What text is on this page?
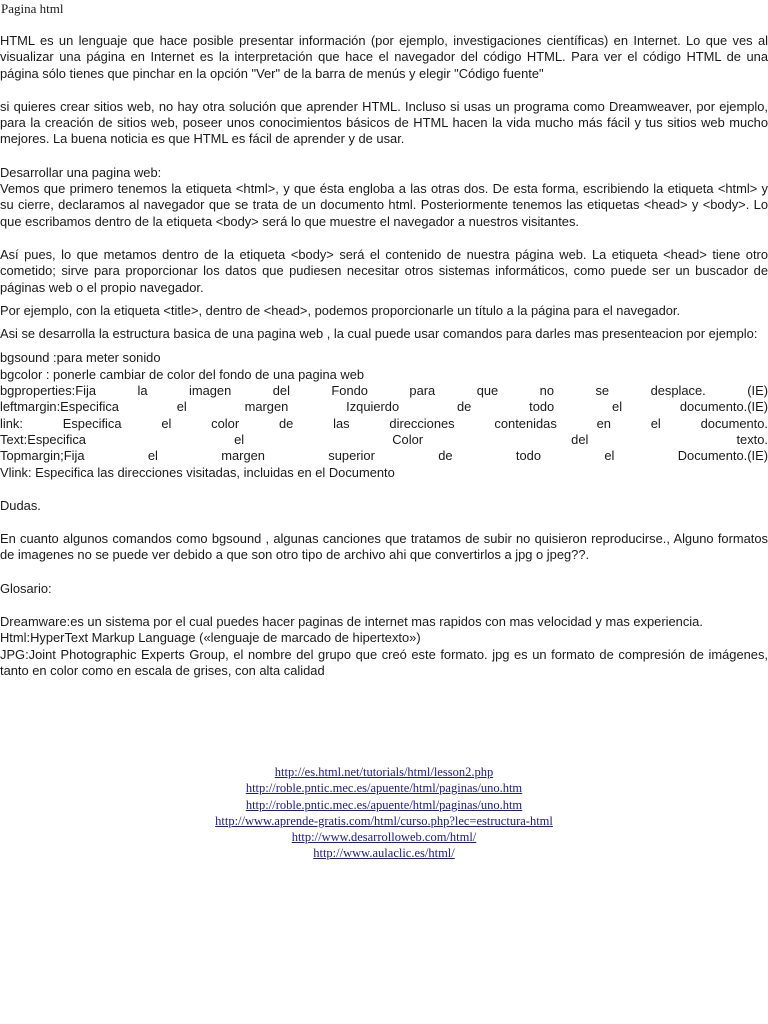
Pagina html

HTML es un lenguaje que hace posible presentar información (por ejemplo, investigaciones científicas) en Internet. Lo que ves al visualizar una página en Internet es la interpretación que hace el navegador del código HTML. Para ver el código HTML de una página sólo tienes que pinchar en la opción "Ver" de la barra de menús y elegir "Código fuente"

si quieres crear sitios web, no hay otra solución que aprender HTML. Incluso si usas un programa como Dreamweaver, por ejemplo, para la creación de sitios web, poseer unos conocimientos básicos de HTML hacen la vida mucho más fácil y tus sitios web mucho mejores. La buena noticia es que HTML es fácil de aprender y de usar.

Desarrollar una pagina web:

Vemos que primero tenemos la etiqueta <html>, y que ésta engloba a las otras dos. De esta forma, escribiendo la etiqueta <html> y su cierre, declaramos al navegador que se trata de un documento html. Posteriormente tenemos las etiquetas <head> y <body>. Lo que escribamos dentro de la etiqueta <body> será lo que muestre el navegador a nuestros visitantes.

Así pues, lo que metamos dentro de la etiqueta <body> será el contenido de nuestra página web. La etiqueta <head> tiene otro cometido; sirve para proporcionar los datos que pudiesen necesitar otros sistemas informáticos, como puede ser un buscador de páginas web o el propio navegador.

Por ejemplo, con la etiqueta <title>, dentro de <head>, podemos proporcionarle un título a la página para el navegador.

Asi se desarrolla la estructura basica de una pagina web , la cual puede usar comandos para darles mas presenteacion por ejemplo:

bgsound :para meter sonido

bgcolor : ponerle cambiar de color del fondo de una pagina web

bgproperties:Fija la imagen del Fondo para que no se desplace. (IE)

leftmargin:Especifica el margen Izquierdo de todo el documento.(IE)

link: Especifica el color de las direcciones contenidas en el documento.

Text:Especifica el Color del texto.

Topmargin;Fija el margen superior de todo el Documento.(IE)

Vlink: Especifica las direcciones visitadas, incluidas en el Documento

Dudas.

En cuanto algunos comandos como bgsound , algunas canciones que tratamos de subir no quisieron reproducirse., Alguno formatos de imagenes no se puede ver debido a que son otro tipo de archivo ahi que convertirlos a jpg o jpeg??.

Glosario:

Dreamware:es un sistema por el cual puedes hacer paginas de internet mas rapidos con mas velocidad y mas experiencia.

Html:HyperText Markup Language («lenguaje de marcado de hipertexto»)

JPG:Joint Photographic Experts Group, el nombre del grupo que creó este formato. jpg es un formato de compresión de imágenes, tanto en color como en escala de grises, con alta calidad

http://es.html.net/tutorials/html/lesson2.php
http://roble.pntic.mec.es/apuente/html/paginas/uno.htm
http://roble.pntic.mec.es/apuente/html/paginas/uno.htm
http://www.aprende-gratis.com/html/curso.php?lec=estructura-html
http://www.desarrolloweb.com/html/
http://www.aulaclic.es/html/
